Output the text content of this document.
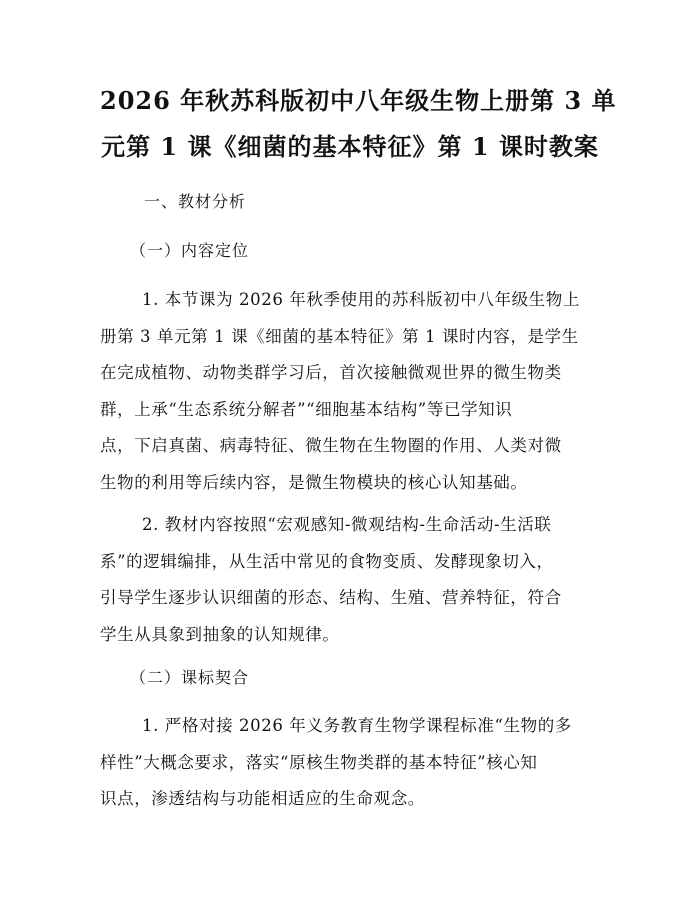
2026 年秋苏科版初中八年级生物上册第 3 单
元第 1 课《细菌的基本特征》第 1 课时教案
一、教材分析
（一）内容定位
1. 本节课为 2026 年秋季使用的苏科版初中八年级生物上
册第 3 单元第 1 课《细菌的基本特征》第 1 课时内容，是学生
在完成植物、动物类群学习后，首次接触微观世界的微生物类
群，上承“生态系统分解者”“细胞基本结构”等已学知识
点，下启真菌、病毒特征、微生物在生物圈的作用、人类对微
生物的利用等后续内容，是微生物模块的核心认知基础。
2. 教材内容按照“宏观感知-微观结构-生命活动-生活联
系”的逻辑编排，从生活中常见的食物变质、发酵现象切入，
引导学生逐步认识细菌的形态、结构、生殖、营养特征，符合
学生从具象到抽象的认知规律。
（二）课标契合
1. 严格对接 2026 年义务教育生物学课程标准“生物的多
样性”大概念要求，落实“原核生物类群的基本特征”核心知
识点，渗透结构与功能相适应的生命观念。
